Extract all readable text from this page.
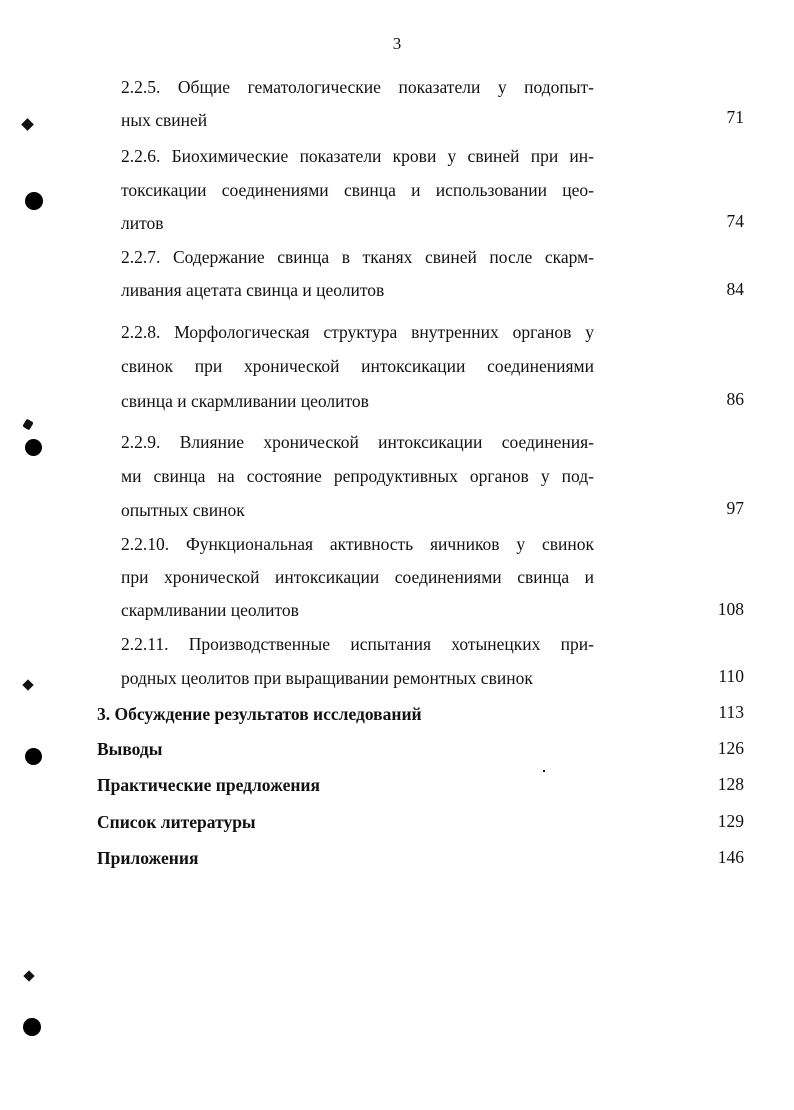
3
2.2.5. Общие гематологические показатели у подопыт-
ных свиней	71
2.2.6. Биохимические показатели крови у свиней при ин-
токсикации соединениями свинца и использовании цео-
литов	74
2.2.7. Содержание свинца в тканях свиней после скарм-
ливания ацетата свинца и цеолитов	84
2.2.8. Морфологическая структура внутренних органов у
свинок при хронической интоксикации соединениями
свинца и скармливании цеолитов	86
2.2.9. Влияние хронической интоксикации соединения-
ми свинца на состояние репродуктивных органов у под-
опытных свинок	97
2.2.10. Функциональная активность яичников у свинок
при хронической интоксикации соединениями свинца и
скармливании цеолитов	108
2.2.11. Производственные испытания хотынецких при-
родных цеолитов при выращивании ремонтных свинок	110
3. Обсуждение результатов исследований	113
Выводы	126
Практические предложения	128
Список литературы	129
Приложения	146
